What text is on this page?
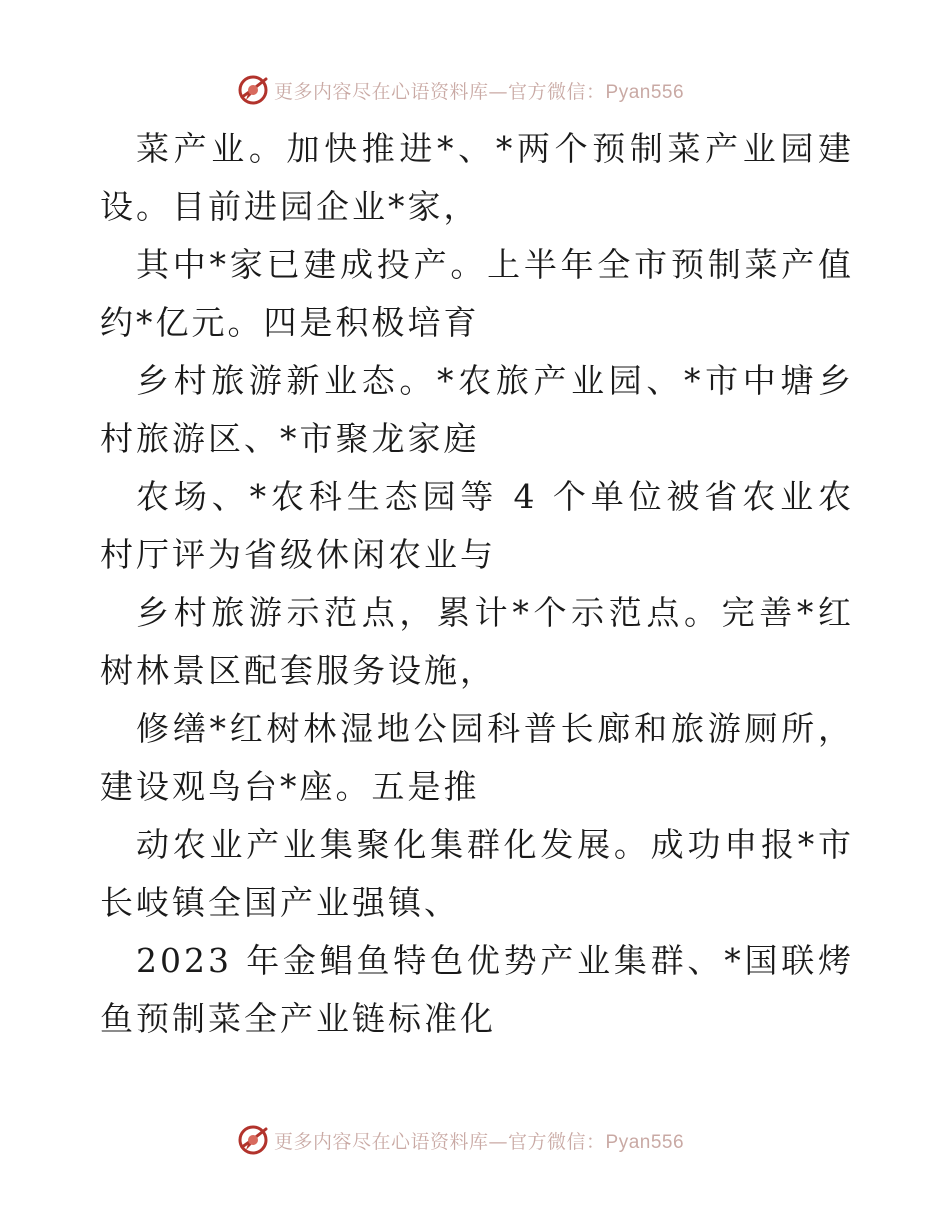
更多内容尽在心语资料库—官方微信：Pyan556

菜产业。加快推进*、*两个预制菜产业园建设。目前进园企业*家，

其中*家已建成投产。上半年全市预制菜产值约*亿元。四是积极培育

乡村旅游新业态。*农旅产业园、*市中塘乡村旅游区、*市聚龙家庭

农场、*农科生态园等 4 个单位被省农业农村厅评为省级休闲农业与

乡村旅游示范点，累计*个示范点。完善*红树林景区配套服务设施，

修缮*红树林湿地公园科普长廊和旅游厕所，建设观鸟台*座。五是推

动农业产业集聚化集群化发展。成功申报*市长岐镇全国产业强镇、

2023 年金鲳鱼特色优势产业集群、*国联烤鱼预制菜全产业链标准化

更多内容尽在心语资料库—官方微信：Pyan556
